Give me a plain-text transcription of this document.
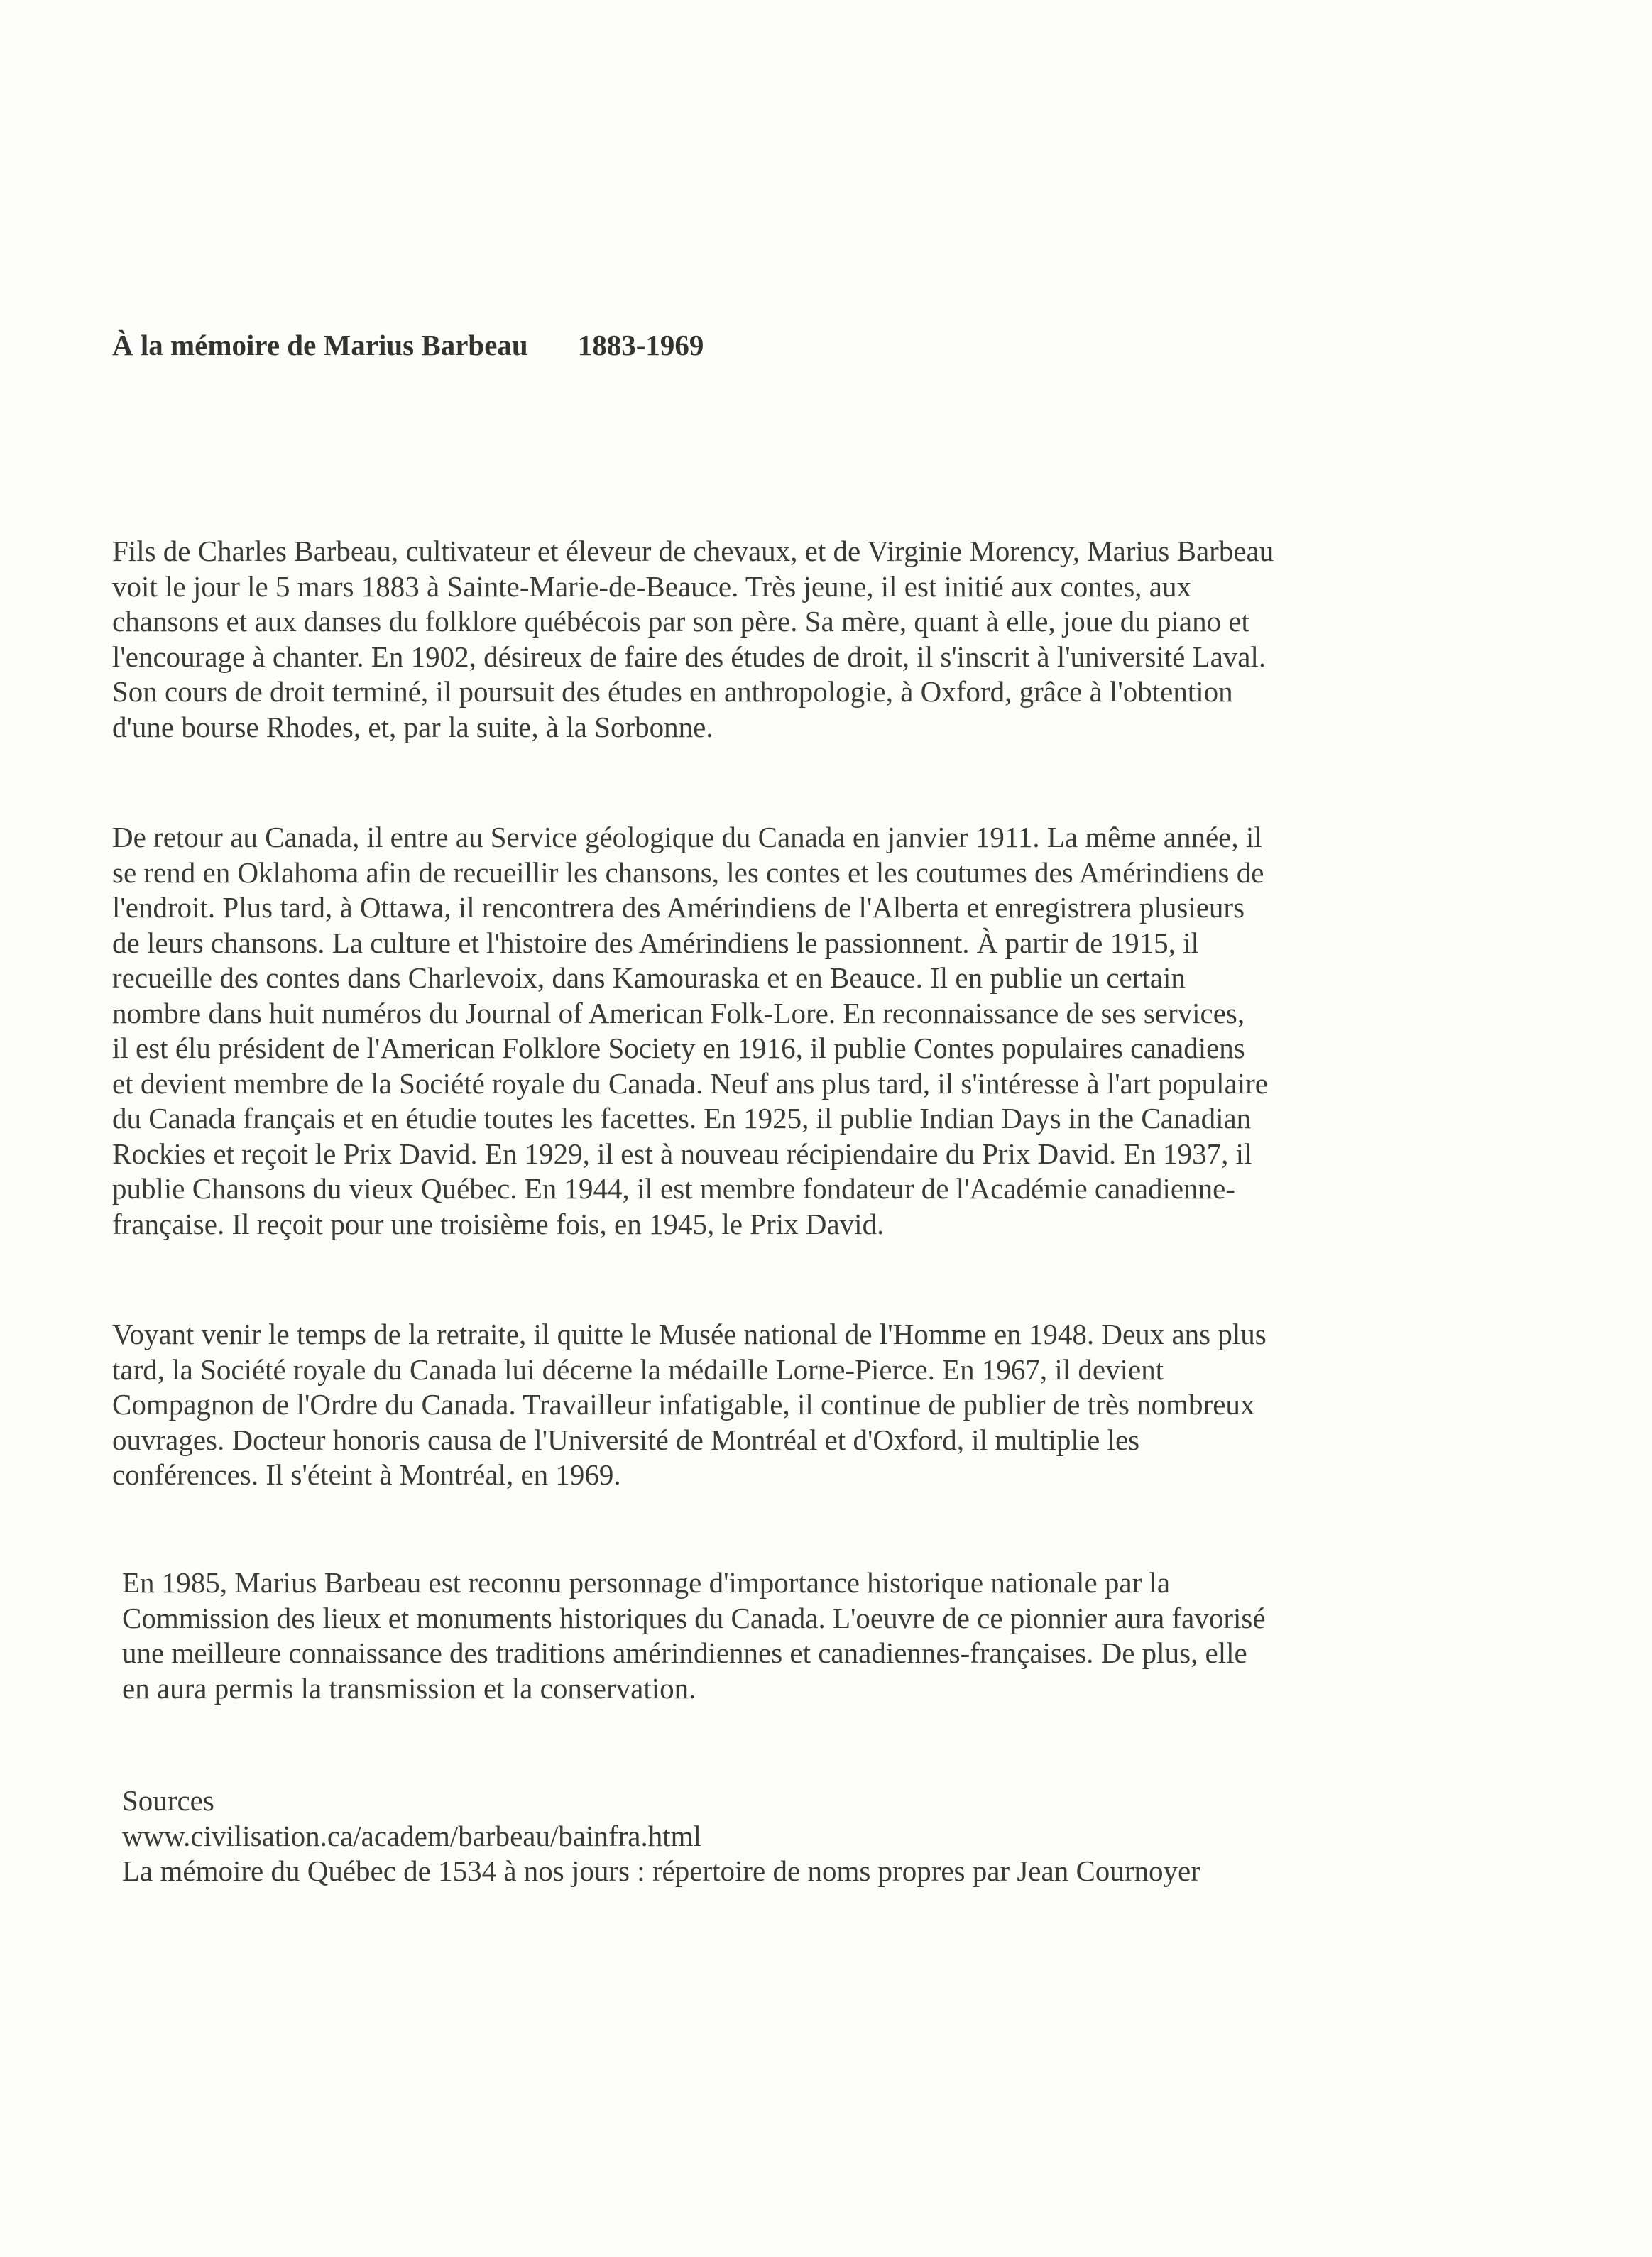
À la mémoire de Marius Barbeau 1883-1969
Fils de Charles Barbeau, cultivateur et éleveur de chevaux, et de Virginie Morency, Marius Barbeau
voit le jour le 5 mars 1883 à Sainte-Marie-de-Beauce. Très jeune, il est initié aux contes, aux
chansons et aux danses du folklore québécois par son père. Sa mère, quant à elle, joue du piano et
l'encourage à chanter. En 1902, désireux de faire des études de droit, il s'inscrit à l'université Laval.
Son cours de droit terminé, il poursuit des études en anthropologie, à Oxford, grâce à l'obtention
d'une bourse Rhodes, et, par la suite, à la Sorbonne.
De retour au Canada, il entre au Service géologique du Canada en janvier 1911. La même année, il
se rend en Oklahoma afin de recueillir les chansons, les contes et les coutumes des Amérindiens de
l'endroit. Plus tard, à Ottawa, il rencontrera des Amérindiens de l'Alberta et enregistrera plusieurs
de leurs chansons. La culture et l'histoire des Amérindiens le passionnent. À partir de 1915, il
recueille des contes dans Charlevoix, dans Kamouraska et en Beauce. Il en publie un certain
nombre dans huit numéros du Journal of American Folk-Lore. En reconnaissance de ses services,
il est élu président de l'American Folklore Society en 1916, il publie Contes populaires canadiens
et devient membre de la Société royale du Canada. Neuf ans plus tard, il s'intéresse à l'art populaire
du Canada français et en étudie toutes les facettes. En 1925, il publie Indian Days in the Canadian
Rockies et reçoit le Prix David. En 1929, il est à nouveau récipiendaire du Prix David. En 1937, il
publie Chansons du vieux Québec. En 1944, il est membre fondateur de l'Académie canadienne-
française. Il reçoit pour une troisième fois, en 1945, le Prix David.
Voyant venir le temps de la retraite, il quitte le Musée national de l'Homme en 1948. Deux ans plus
tard, la Société royale du Canada lui décerne la médaille Lorne-Pierce. En 1967, il devient
Compagnon de l'Ordre du Canada. Travailleur infatigable, il continue de publier de très nombreux
ouvrages. Docteur honoris causa de l'Université de Montréal et d'Oxford, il multiplie les
conférences. Il s'éteint à Montréal, en 1969.
En 1985, Marius Barbeau est reconnu personnage d'importance historique nationale par la
Commission des lieux et monuments historiques du Canada. L'oeuvre de ce pionnier aura favorisé
une meilleure connaissance des traditions amérindiennes et canadiennes-françaises. De plus, elle
en aura permis la transmission et la conservation.
Sources
www.civilisation.ca/academ/barbeau/bainfra.html
La mémoire du Québec de 1534 à nos jours : répertoire de noms propres par Jean Cournoyer
